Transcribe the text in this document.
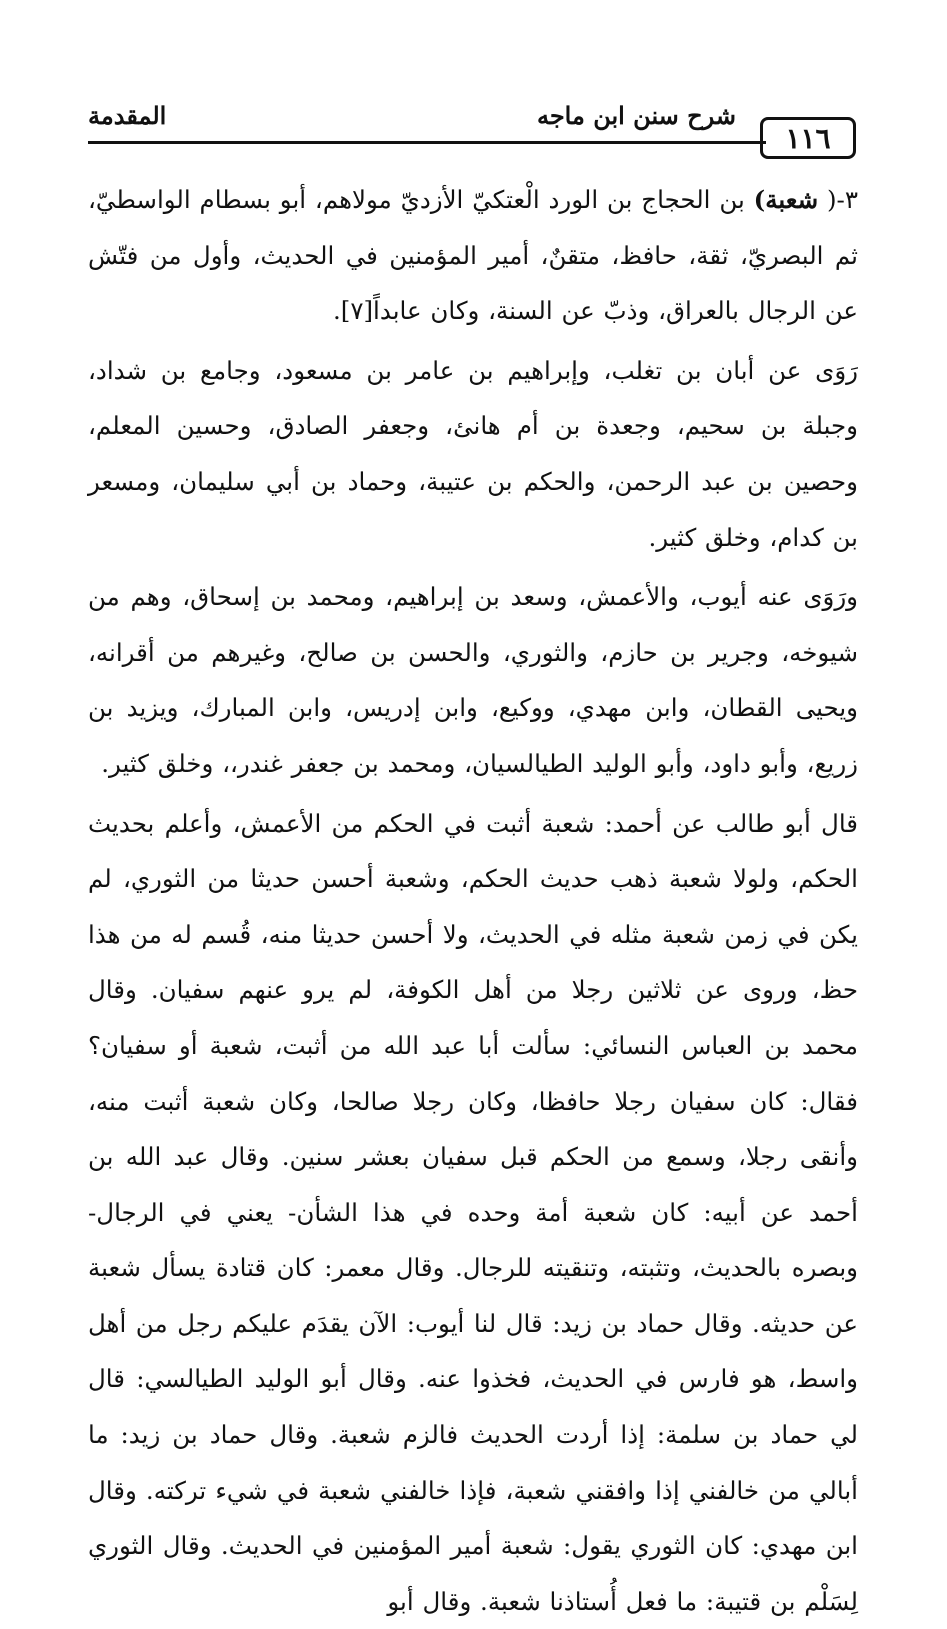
١١٦
شرح سنن ابن ماجه
المقدمة

٣-( شعبة) بن الحجاج بن الورد الْعتكيّ الأزديّ مولاهم، أبو بسطام الواسطيّ، ثم البصريّ، ثقة، حافظ، متقنٌ، أمير المؤمنين في الحديث، وأول من فتّش عن الرجال بالعراق، وذبّ عن السنة، وكان عابداً[٧].

رَوَى عن أبان بن تغلب، وإبراهيم بن عامر بن مسعود، وجامع بن شداد، وجبلة بن سحيم، وجعدة بن أم هانئ، وجعفر الصادق، وحسين المعلم، وحصين بن عبد الرحمن، والحكم بن عتيبة، وحماد بن أبي سليمان، ومسعر بن كدام، وخلق كثير.

ورَوَى عنه أيوب، والأعمش، وسعد بن إبراهيم، ومحمد بن إسحاق، وهم من شيوخه، وجرير بن حازم، والثوري، والحسن بن صالح، وغيرهم من أقرانه، ويحيى القطان، وابن مهدي، ووكيع، وابن إدريس، وابن المبارك، ويزيد بن زريع، وأبو داود، وأبو الوليد الطيالسيان، ومحمد بن جعفر غندر،، وخلق كثير.

قال أبو طالب عن أحمد: شعبة أثبت في الحكم من الأعمش، وأعلم بحديث الحكم، ولولا شعبة ذهب حديث الحكم، وشعبة أحسن حديثا من الثوري، لم يكن في زمن شعبة مثله في الحديث، ولا أحسن حديثا منه، قُسم له من هذا حظ، وروى عن ثلاثين رجلا من أهل الكوفة، لم يرو عنهم سفيان. وقال محمد بن العباس النسائي: سألت أبا عبد الله من أثبت، شعبة أو سفيان؟ فقال: كان سفيان رجلا حافظا، وكان رجلا صالحا، وكان شعبة أثبت منه، وأنقى رجلا، وسمع من الحكم قبل سفيان بعشر سنين. وقال عبد الله بن أحمد عن أبيه: كان شعبة أمة وحده في هذا الشأن- يعني في الرجال- وبصره بالحديث، وتثبته، وتنقيته للرجال. وقال معمر: كان قتادة يسأل شعبة عن حديثه. وقال حماد بن زيد: قال لنا أيوب: الآن يقدَم عليكم رجل من أهل واسط، هو فارس في الحديث، فخذوا عنه. وقال أبو الوليد الطيالسي: قال لي حماد بن سلمة: إذا أردت الحديث فالزم شعبة. وقال حماد بن زيد: ما أبالي من خالفني إذا وافقني شعبة، فإذا خالفني شعبة في شيء تركته. وقال ابن مهدي: كان الثوري يقول: شعبة أمير المؤمنين في الحديث. وقال الثوري لِسَلْم بن قتيبة: ما فعل أُستاذنا شعبة. وقال أبو
